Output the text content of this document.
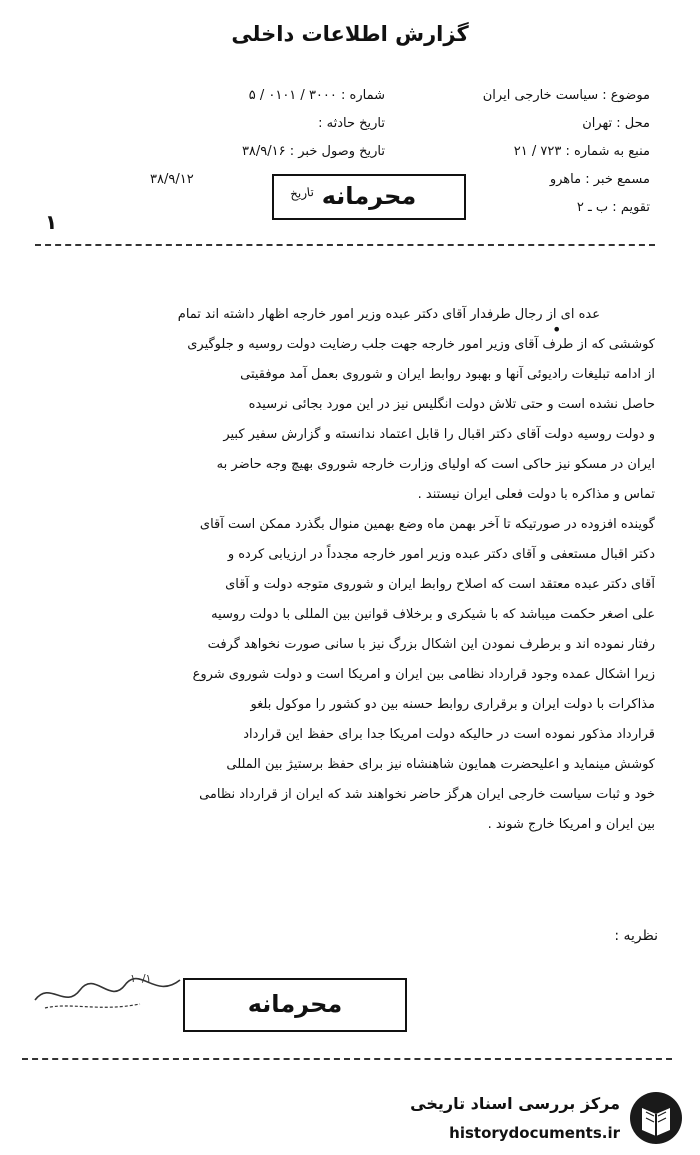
گزارش اطلاعات داخلی
موضوع : سیاست خارجی ایران
شماره : ۳۰۰۰ / ۰۱۰۱ / ۵
محل : تهران
تاریخ حادثه :
منبع به شماره : ۷۲۳ / ۲۱
تاریخ وصول خبر : ۳۸/۹/۱۶
مسمع خبر : ماهرو
۳۸/۹/۱۲
تقویم : ب ـ ۲
محرمانه
تاریخ
۱
•
عده ای از رجال طرفدار آقای دکتر عبده وزیر امور خارجه اظهار داشته اند تمام
کوششی که از طرف آقای وزیر امور خارجه جهت جلب رضایت دولت روسیه و جلوگیری
از ادامه تبلیغات رادیوئی آنها و بهبود روابط ایران و شوروی بعمل آمد موفقیتی
حاصل نشده است و حتی تلاش دولت انگلیس نیز در این مورد بجائی نرسیده
و دولت روسیه دولت آقای دکتر اقبال را قابل اعتماد ندانسته و گزارش سفیر کبیر
ایران در مسکو نیز حاکی است که اولیای وزارت خارجه شوروی بهیچ وجه حاضر به
تماس و مذاکره با دولت فعلی ایران نیستند .
گوینده افزوده در صورتیکه تا آخر بهمن ماه وضع بهمین منوال بگذرد ممکن است آقای
دکتر اقبال مستعفی و آقای دکتر عبده وزیر امور خارجه مجدداً در ارزیابی کرده و
آقای دکتر عبده معتقد است که اصلاح روابط ایران و شوروی متوجه دولت و آقای
علی اصغر حکمت میباشد که با شیکری و برخلاف قوانین بین المللی با دولت روسیه
رفتار نموده اند و برطرف نمودن این اشکال بزرگ نیز با سانی صورت نخواهد گرفت
زیرا اشکال عمده وجود قرارداد نظامی بین ایران و امریکا است و دولت شوروی شروع
مذاکرات با دولت ایران و برقراری روابط حسنه بین دو کشور را موکول بلغو
قرارداد مذکور نموده است در حالیکه دولت امریکا جدا برای حفظ این قرارداد
کوشش مینماید و اعلیحضرت همایون شاهنشاه نیز برای حفظ برستیژ بین المللی
خود و ثبات سیاست خارجی ایران هرگز حاضر نخواهند شد که ایران از قرارداد نظامی
بین ایران و امریکا خارج شوند .
نظریه :
۱۰/۱
محرمانه
مرکز بررسی اسناد تاریخی
historydocuments.ir
